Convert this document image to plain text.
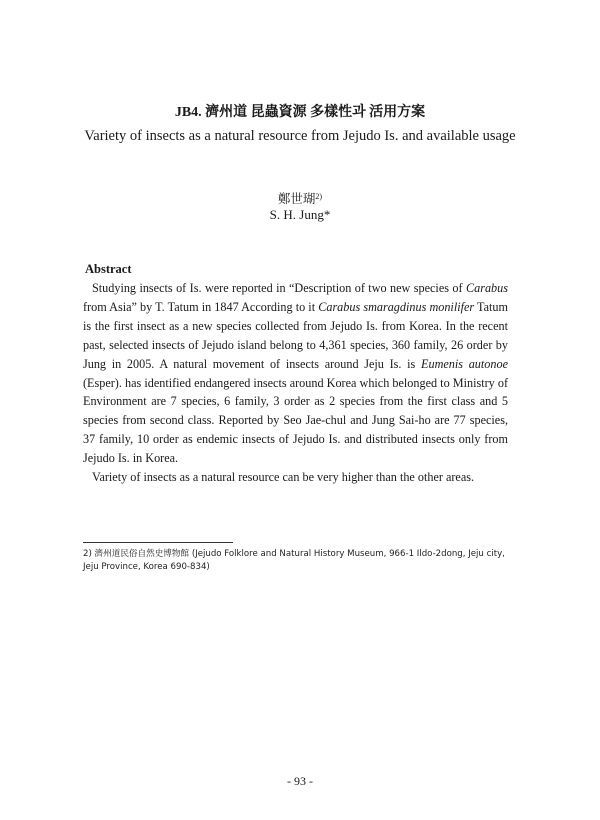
JB4. 濟州道 昆蟲資源 多樣性과 活用方案
Variety of insects as a natural resource from Jejudo Is. and available usage
鄭世瑚$^{2)}$
S. H. Jung*
Abstract

Studying insects of Is. were reported in “Description of two new species of Carabus from Asia” by T. Tatum in 1847 According to it Carabus smaragdinus monilifer Tatum is the first insect as a new species collected from Jejudo Is. from Korea. In the recent past, selected insects of Jejudo island belong to 4,361 species, 360 family, 26 order by Jung in 2005. A natural movement of insects around Jeju Is. is Eumenis autonoe (Esper). has identified endangered insects around Korea which belonged to Ministry of Environment are 7 species, 6 family, 3 order as 2 species from the first class and 5 species from second class. Reported by Seo Jae-chul and Jung Sai-ho are 77 species, 37 family, 10 order as endemic insects of Jejudo Is. and distributed insects only from Jejudo Is. in Korea.

Variety of insects as a natural resource can be very higher than the other areas.

2) 濟州道民俗自然史博物館 (Jejudo Folklore and Natural History Museum, 966-1 Ildo-2dong, Jeju city, Jeju Province, Korea 690-834)
- 93 -
